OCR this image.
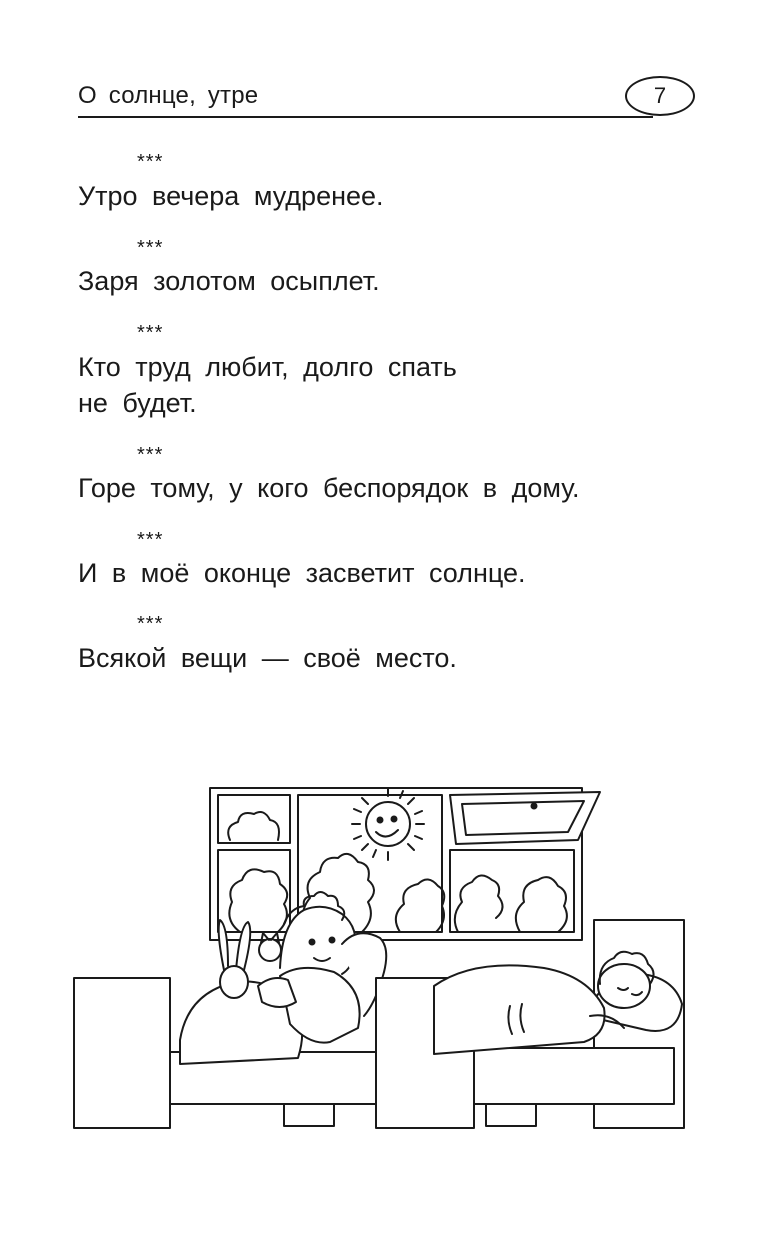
О солнце, утре	7
***
Утро вечера мудренее.
***
Заря золотом осыплет.
***
Кто труд любит, долго спать
не будет.
***
Горе тому, у кого беспорядок в дому.
***
И в моё оконце засветит солнце.
***
Всякой вещи — своё место.
